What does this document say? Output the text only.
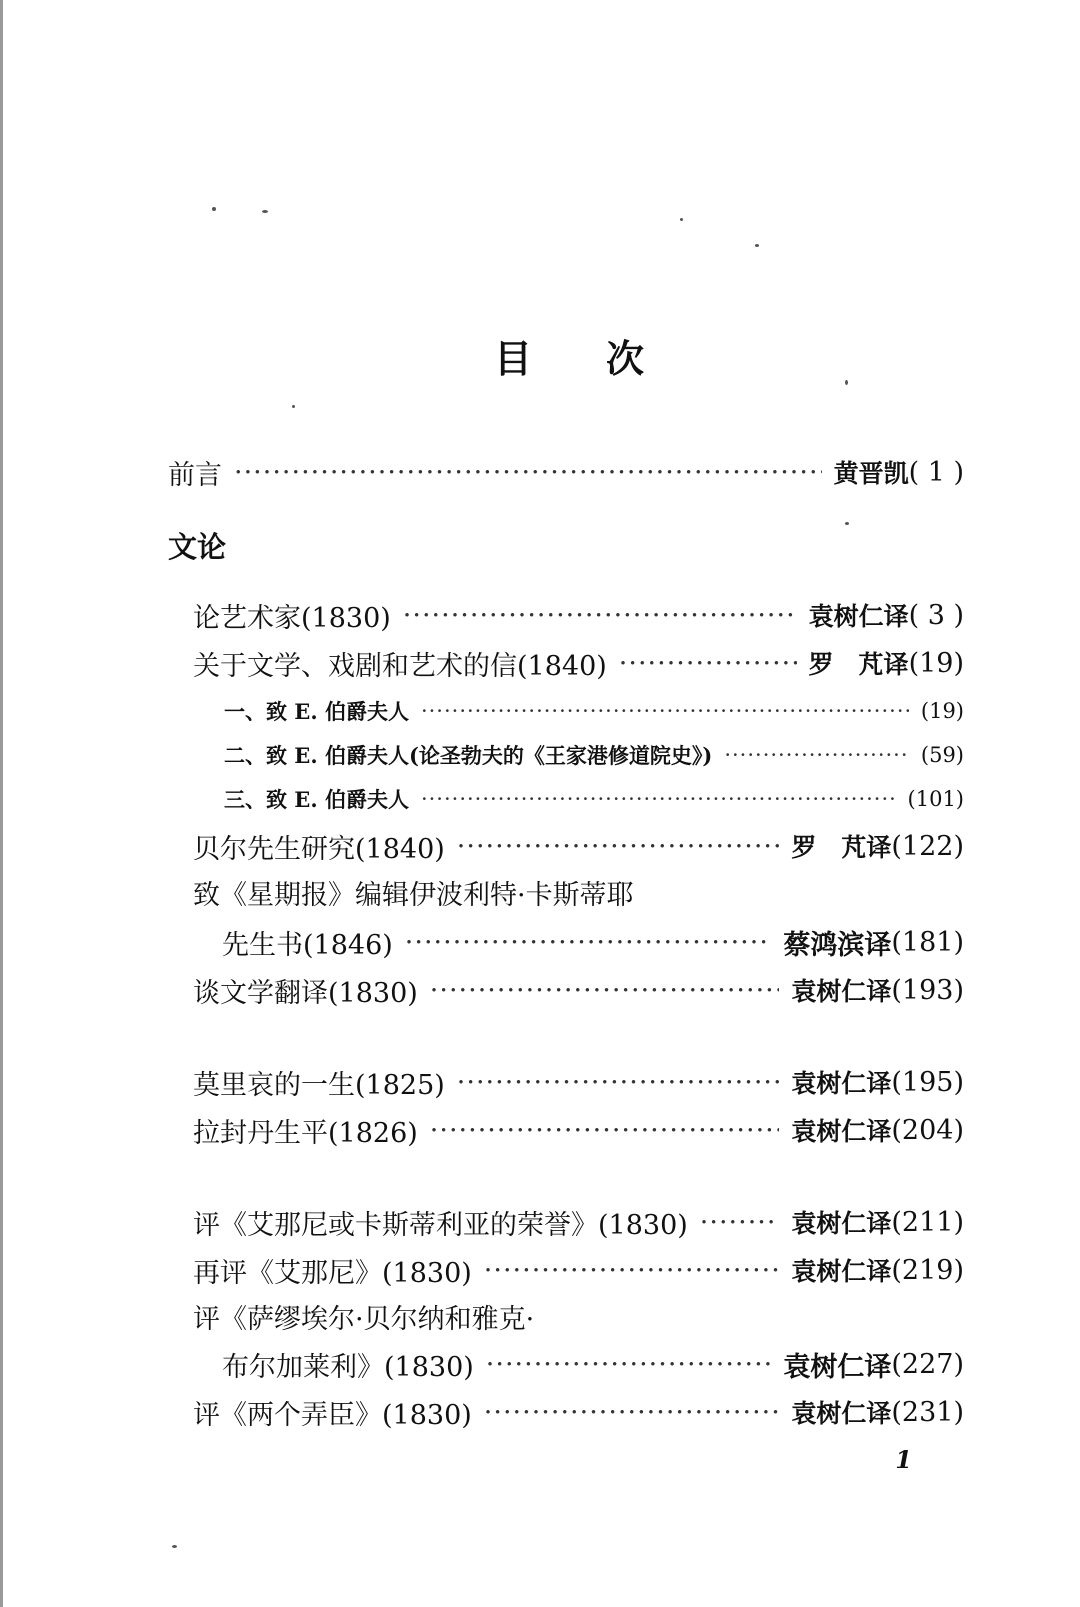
目 次
前言 ·····	黄晋凯 ( 1 )
文论
论艺术家(1830) ·····	袁树仁译 ( 3 )
关于文学、戏剧和艺术的信(1840) ·····	罗　芃译 (19)
一、致 E. 伯爵夫人 ·····	(19)
二、致 E. 伯爵夫人(论圣勃夫的《王家港修道院史》) ·····	(59)
三、致 E. 伯爵夫人 ·····	(101)
贝尔先生研究(1840) ·····	罗　芃译 (122)
致《星期报》编辑伊波利特·卡斯蒂耶
先生书(1846) ·····	蔡鸿滨译 (181)
谈文学翻译(1830) ·····	袁树仁译 (193)
莫里哀的一生(1825) ·····	袁树仁译 (195)
拉封丹生平(1826) ·····	袁树仁译 (204)
评《艾那尼或卡斯蒂利亚的荣誉》(1830) ·····	袁树仁译 (211)
再评《艾那尼》(1830) ·····	袁树仁译 (219)
评《萨缪埃尔·贝尔纳和雅克·
布尔加莱利》(1830) ·····	袁树仁译 (227)
评《两个弄臣》(1830) ·····	袁树仁译 (231)
1
